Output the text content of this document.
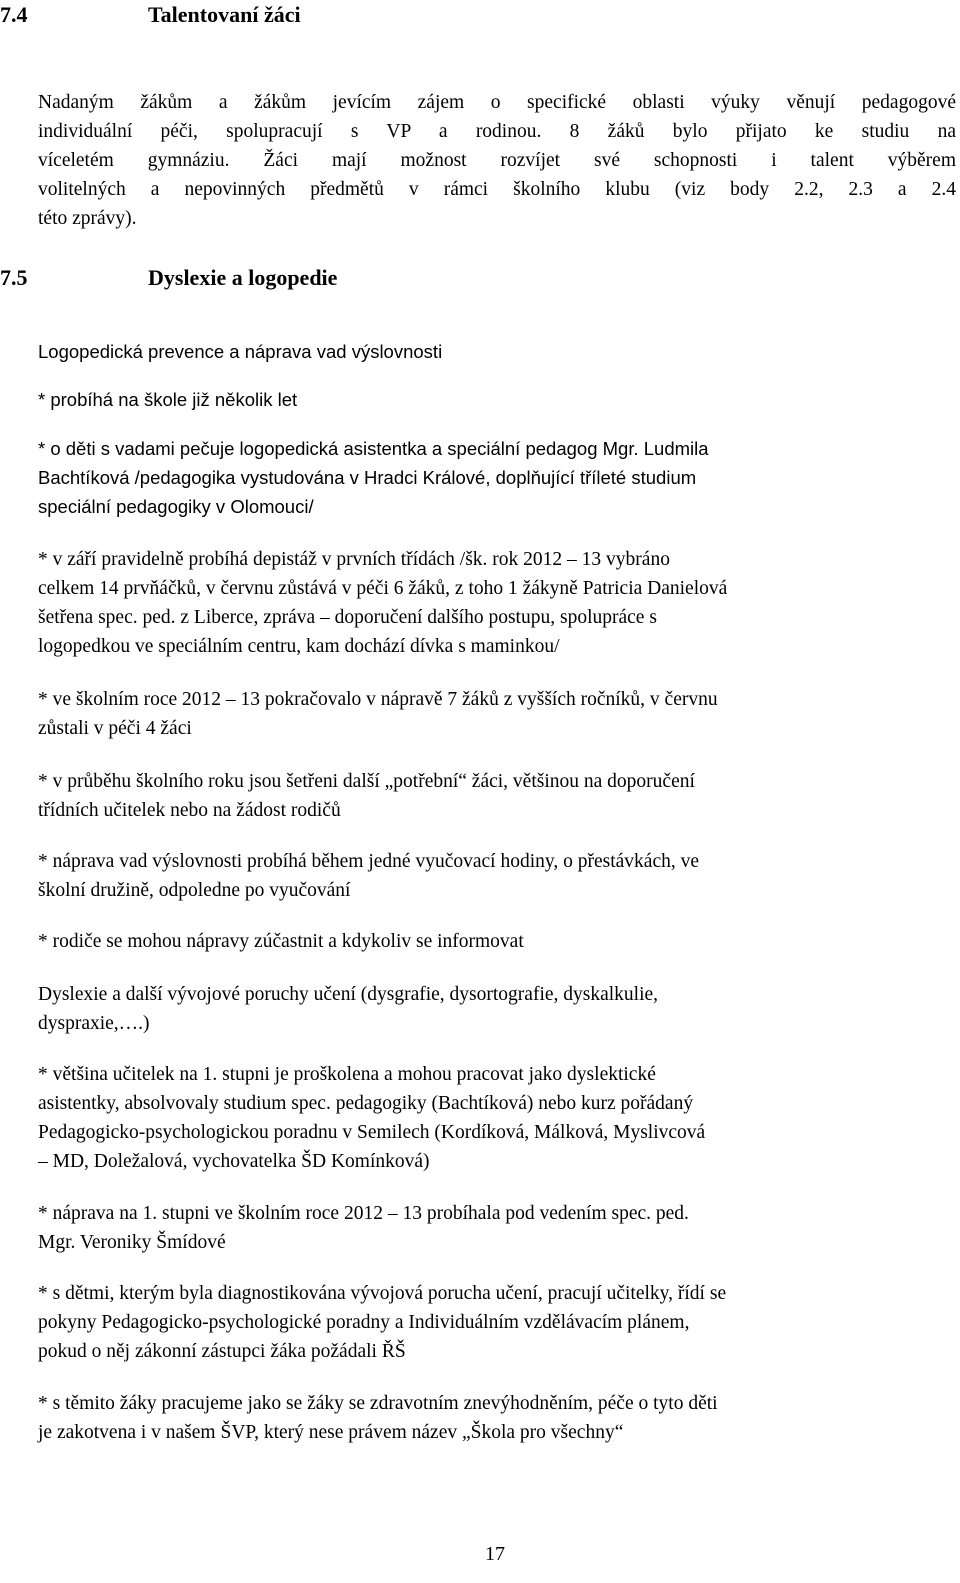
7.4	Talentovaní žáci
Nadaným žákům a žákům jevícím zájem o specifické oblasti výuky věnují pedagogové
individuální péči, spolupracují s VP a rodinou. 8 žáků bylo přijato ke studiu na
víceletém gymnáziu. Žáci mají možnost rozvíjet své schopnosti i talent výběrem
volitelných a nepovinných předmětů v rámci školního klubu (viz body 2.2, 2.3 a 2.4
této zprávy).
7.5	Dyslexie a logopedie
Logopedická prevence a náprava vad výslovnosti
* probíhá na škole již několik let
* o děti s vadami pečuje logopedická asistentka a speciální pedagog Mgr. Ludmila
Bachtíková /pedagogika vystudována v Hradci Králové, doplňující tříleté studium
speciální pedagogiky v Olomouci/
* v září pravidelně probíhá depistáž v prvních třídách /šk. rok 2012 – 13 vybráno
celkem 14 prvňáčků, v červnu zůstává v péči 6 žáků, z toho 1 žákyně Patricia Danielová
šetřena spec. ped. z Liberce, zpráva – doporučení dalšího postupu, spolupráce s
logopedkou ve speciálním centru, kam dochází dívka s maminkou/
* ve školním roce 2012 – 13 pokračovalo v nápravě 7 žáků z vyšších ročníků, v červnu
zůstali v péči 4 žáci
* v průběhu školního roku jsou šetřeni další „potřební“ žáci, většinou na doporučení
třídních učitelek nebo na žádost rodičů
* náprava vad výslovnosti probíhá během jedné vyučovací hodiny, o přestávkách, ve
školní družině, odpoledne po vyučování
* rodiče se mohou nápravy zúčastnit a kdykoliv se informovat
Dyslexie a další vývojové poruchy učení (dysgrafie, dysortografie, dyskalkulie,
dyspraxie,….)
* většina učitelek na 1. stupni je proškolena a mohou pracovat jako dyslektické
asistentky, absolvovaly studium spec. pedagogiky (Bachtíková) nebo kurz pořádaný
Pedagogicko-psychologickou poradnu v Semilech (Kordíková, Málková, Myslivcová
– MD, Doležalová, vychovatelka ŠD Komínková)
* náprava na 1. stupni ve školním roce 2012 – 13 probíhala pod vedením spec. ped.
Mgr. Veroniky Šmídové
* s dětmi, kterým byla diagnostikována vývojová porucha učení, pracují učitelky, řídí se
pokyny Pedagogicko-psychologické poradny a Individuálním vzdělávacím plánem,
pokud o něj zákonní zástupci žáka požádali ŘŠ
* s těmito žáky pracujeme jako se žáky se zdravotním znevýhodněním, péče o tyto děti
je zakotvena i v našem ŠVP, který nese právem název „Škola pro všechny“
17
